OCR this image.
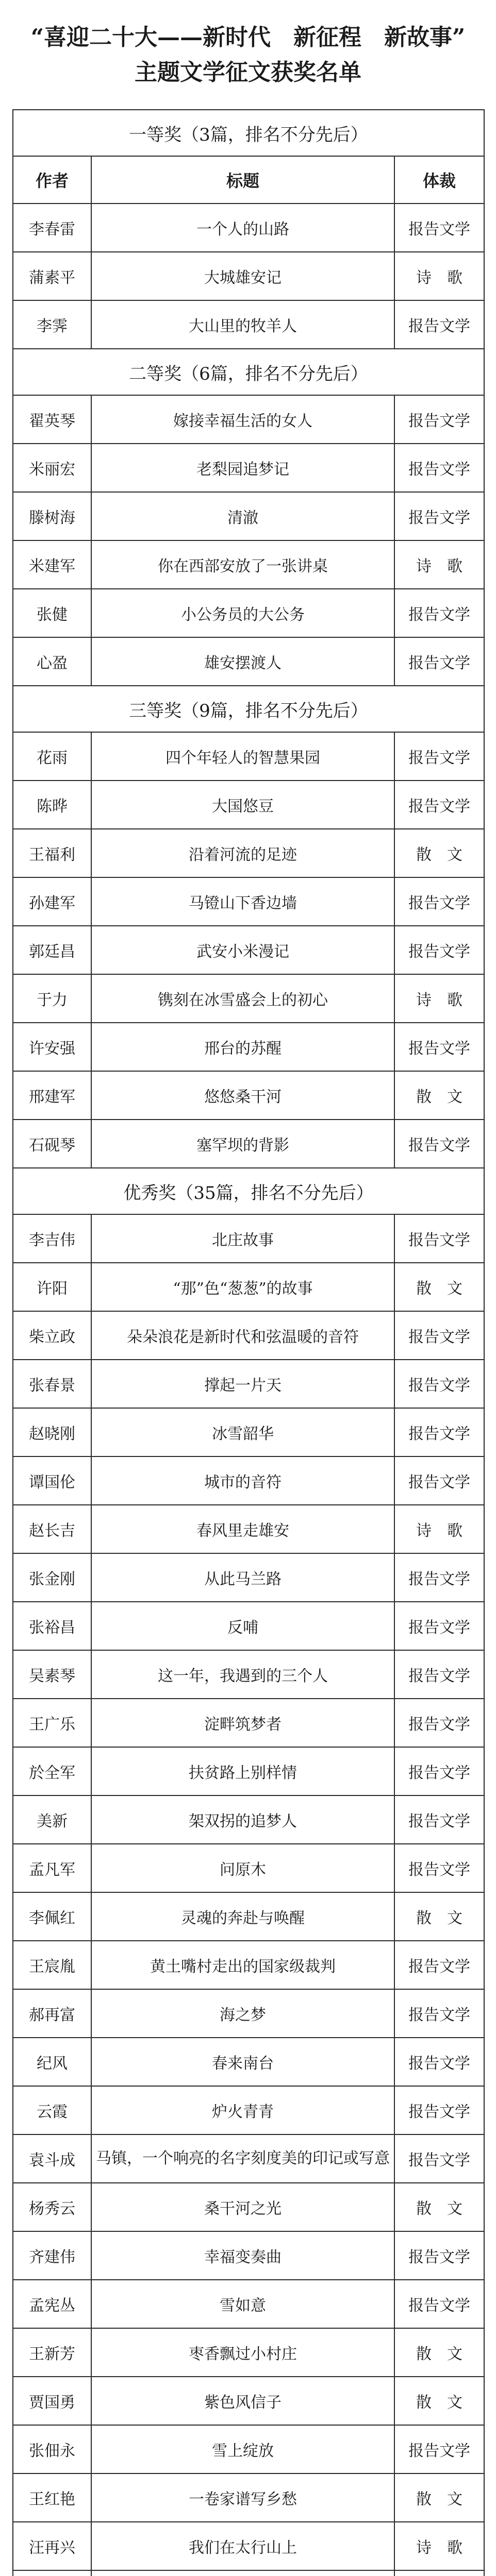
“喜迎二十大——新时代　新征程　新故事”
主题文学征文获奖名单
一等奖（3篇，排名不分先后）		
作者	标题	体裁
李春雷	一个人的山路	报告文学
蒲素平	大城雄安记	诗　歌
李霁	大山里的牧羊人	报告文学
二等奖（6篇，排名不分先后）		
翟英琴	嫁接幸福生活的女人	报告文学
米丽宏	老梨园追梦记	报告文学
滕树海	清澈	报告文学
米建军	你在西部安放了一张讲桌	诗　歌
张健	小公务员的大公务	报告文学
心盈	雄安摆渡人	报告文学
三等奖（9篇，排名不分先后）		
花雨	四个年轻人的智慧果园	报告文学
陈晔	大国悠豆	报告文学
王福利	沿着河流的足迹	散　文
孙建军	马镫山下香边墙	报告文学
郭廷昌	武安小米漫记	报告文学
于力	镌刻在冰雪盛会上的初心	诗　歌
许安强	邢台的苏醒	报告文学
邢建军	悠悠桑干河	散　文
石砚琴	塞罕坝的背影	报告文学
优秀奖（35篇，排名不分先后）		
李吉伟	北庄故事	报告文学
许阳	“那”色“葱葱”的故事	散　文
柴立政	朵朵浪花是新时代和弦温暖的音符	报告文学
张春景	撑起一片天	报告文学
赵晓刚	冰雪韶华	报告文学
谭国伦	城市的音符	报告文学
赵长吉	春风里走雄安	诗　歌
张金刚	从此马兰路	报告文学
张裕昌	反哺	报告文学
吴素琴	这一年，我遇到的三个人	报告文学
王广乐	淀畔筑梦者	报告文学
於全军	扶贫路上别样情	报告文学
美新	架双拐的追梦人	报告文学
孟凡军	问原木	报告文学
李佩红	灵魂的奔赴与唤醒	散　文
王宸胤	黄土嘴村走出的国家级裁判	报告文学
郝再富	海之梦	报告文学
纪风	春来南台	报告文学
云霞	炉火青青	报告文学
袁斗成	马镇，一个响亮的名字刻度美的印记或写意	报告文学
杨秀云	桑干河之光	散　文
齐建伟	幸福变奏曲	报告文学
孟宪丛	雪如意	报告文学
王新芳	枣香飘过小村庄	散　文
贾国勇	紫色风信子	散　文
张佃永	雪上绽放	报告文学
王红艳	一卷家谱写乡愁	散　文
汪再兴	我们在太行山上	诗　歌
